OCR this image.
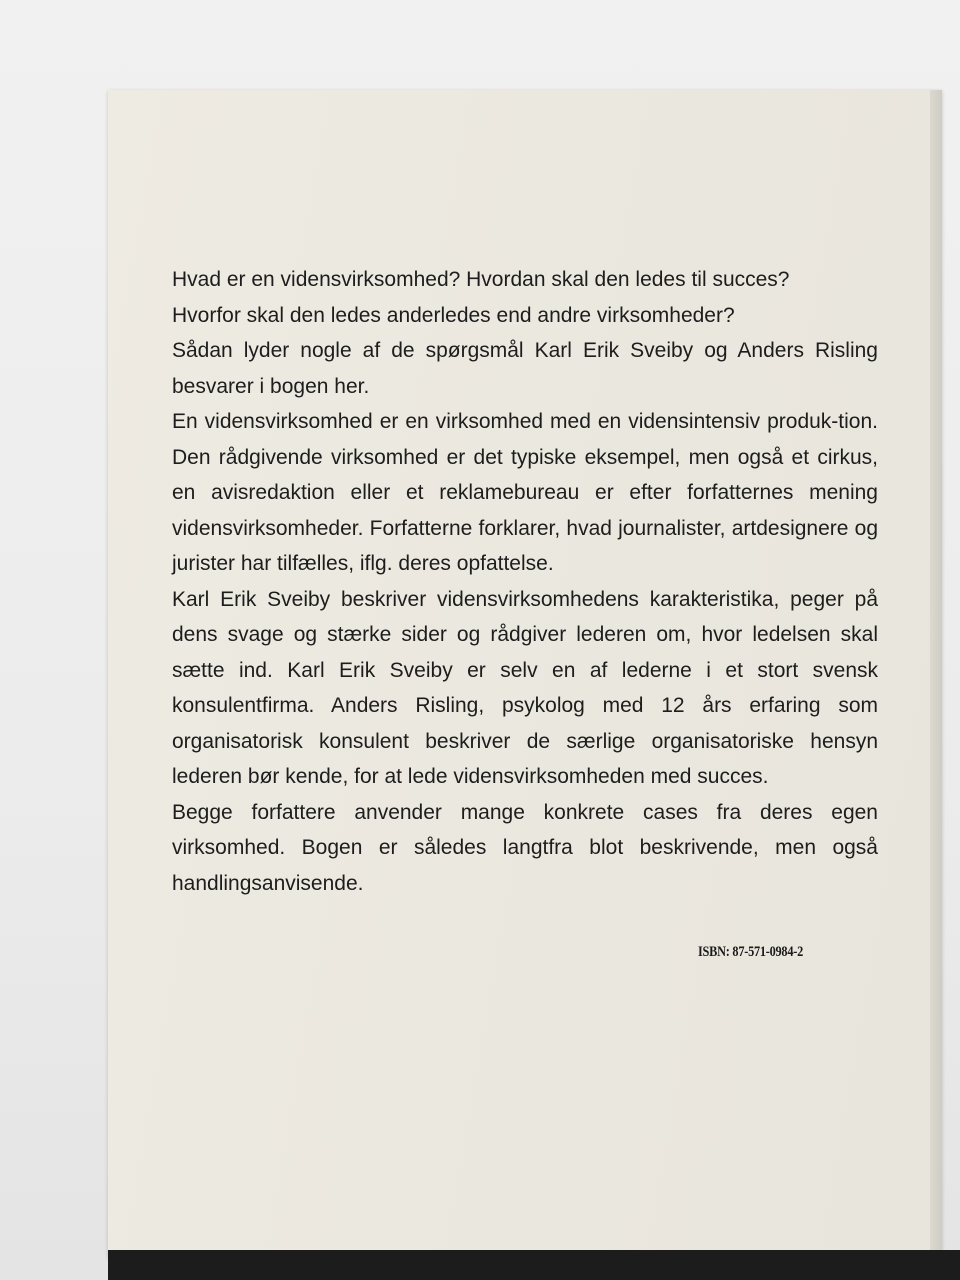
Hvad er en vidensvirksomhed? Hvordan skal den ledes til succes?

Hvorfor skal den ledes anderledes end andre virksomheder?

Sådan lyder nogle af de spørgsmål Karl Erik Sveiby og Anders Risling besvarer i bogen her.

En vidensvirksomhed er en virksomhed med en vidensintensiv produk-tion. Den rådgivende virksomhed er det typiske eksempel, men også et cirkus, en avisredaktion eller et reklamebureau er efter forfatternes mening vidensvirksomheder. Forfatterne forklarer, hvad journalister, artdesignere og jurister har tilfælles, iflg. deres opfattelse.

Karl Erik Sveiby beskriver vidensvirksomhedens karakteristika, peger på dens svage og stærke sider og rådgiver lederen om, hvor ledelsen skal sætte ind. Karl Erik Sveiby er selv en af lederne i et stort svensk konsulentfirma. Anders Risling, psykolog med 12 års erfaring som organisatorisk konsulent beskriver de særlige organisatoriske hensyn lederen bør kende, for at lede vidensvirksomheden med succes.

Begge forfattere anvender mange konkrete cases fra deres egen virksomhed. Bogen er således langtfra blot beskrivende, men også handlingsanvisende.

ISBN: 87-571-0984-2
